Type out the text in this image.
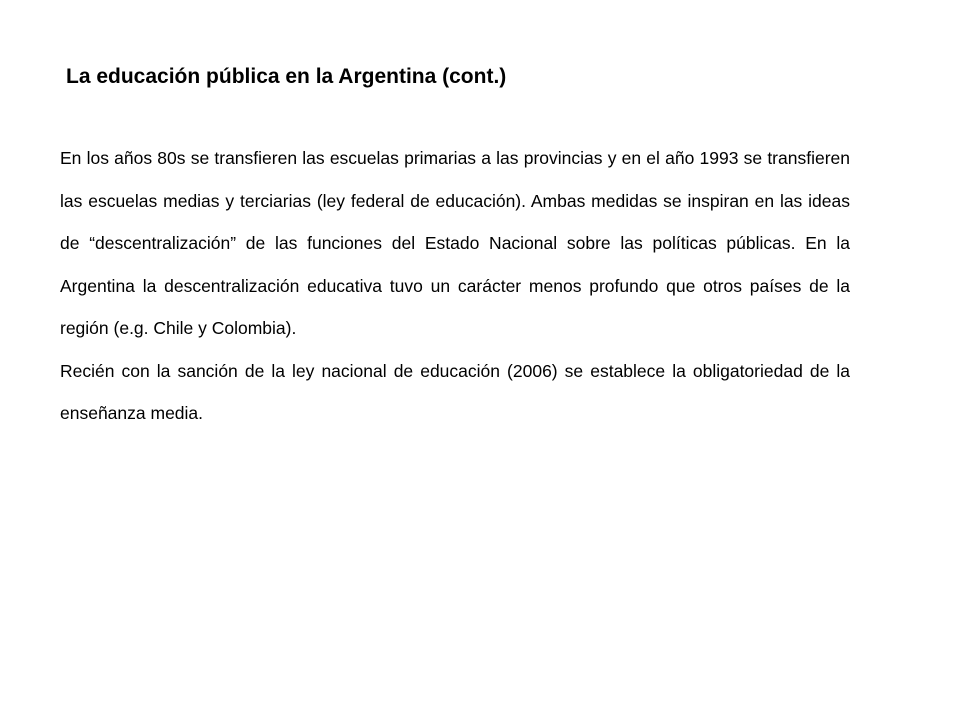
La educación pública en la Argentina (cont.)

En los años 80s se transfieren las escuelas primarias a las provincias y en el año 1993 se transfieren las escuelas medias y terciarias (ley federal de educación). Ambas medidas se inspiran en las ideas de “descentralización” de las funciones del Estado Nacional sobre las políticas públicas. En la Argentina la descentralización educativa tuvo un carácter menos profundo que otros países de la región (e.g. Chile y Colombia).

Recién con la sanción de la ley nacional de educación (2006) se establece la obligatoriedad de la enseñanza media.
